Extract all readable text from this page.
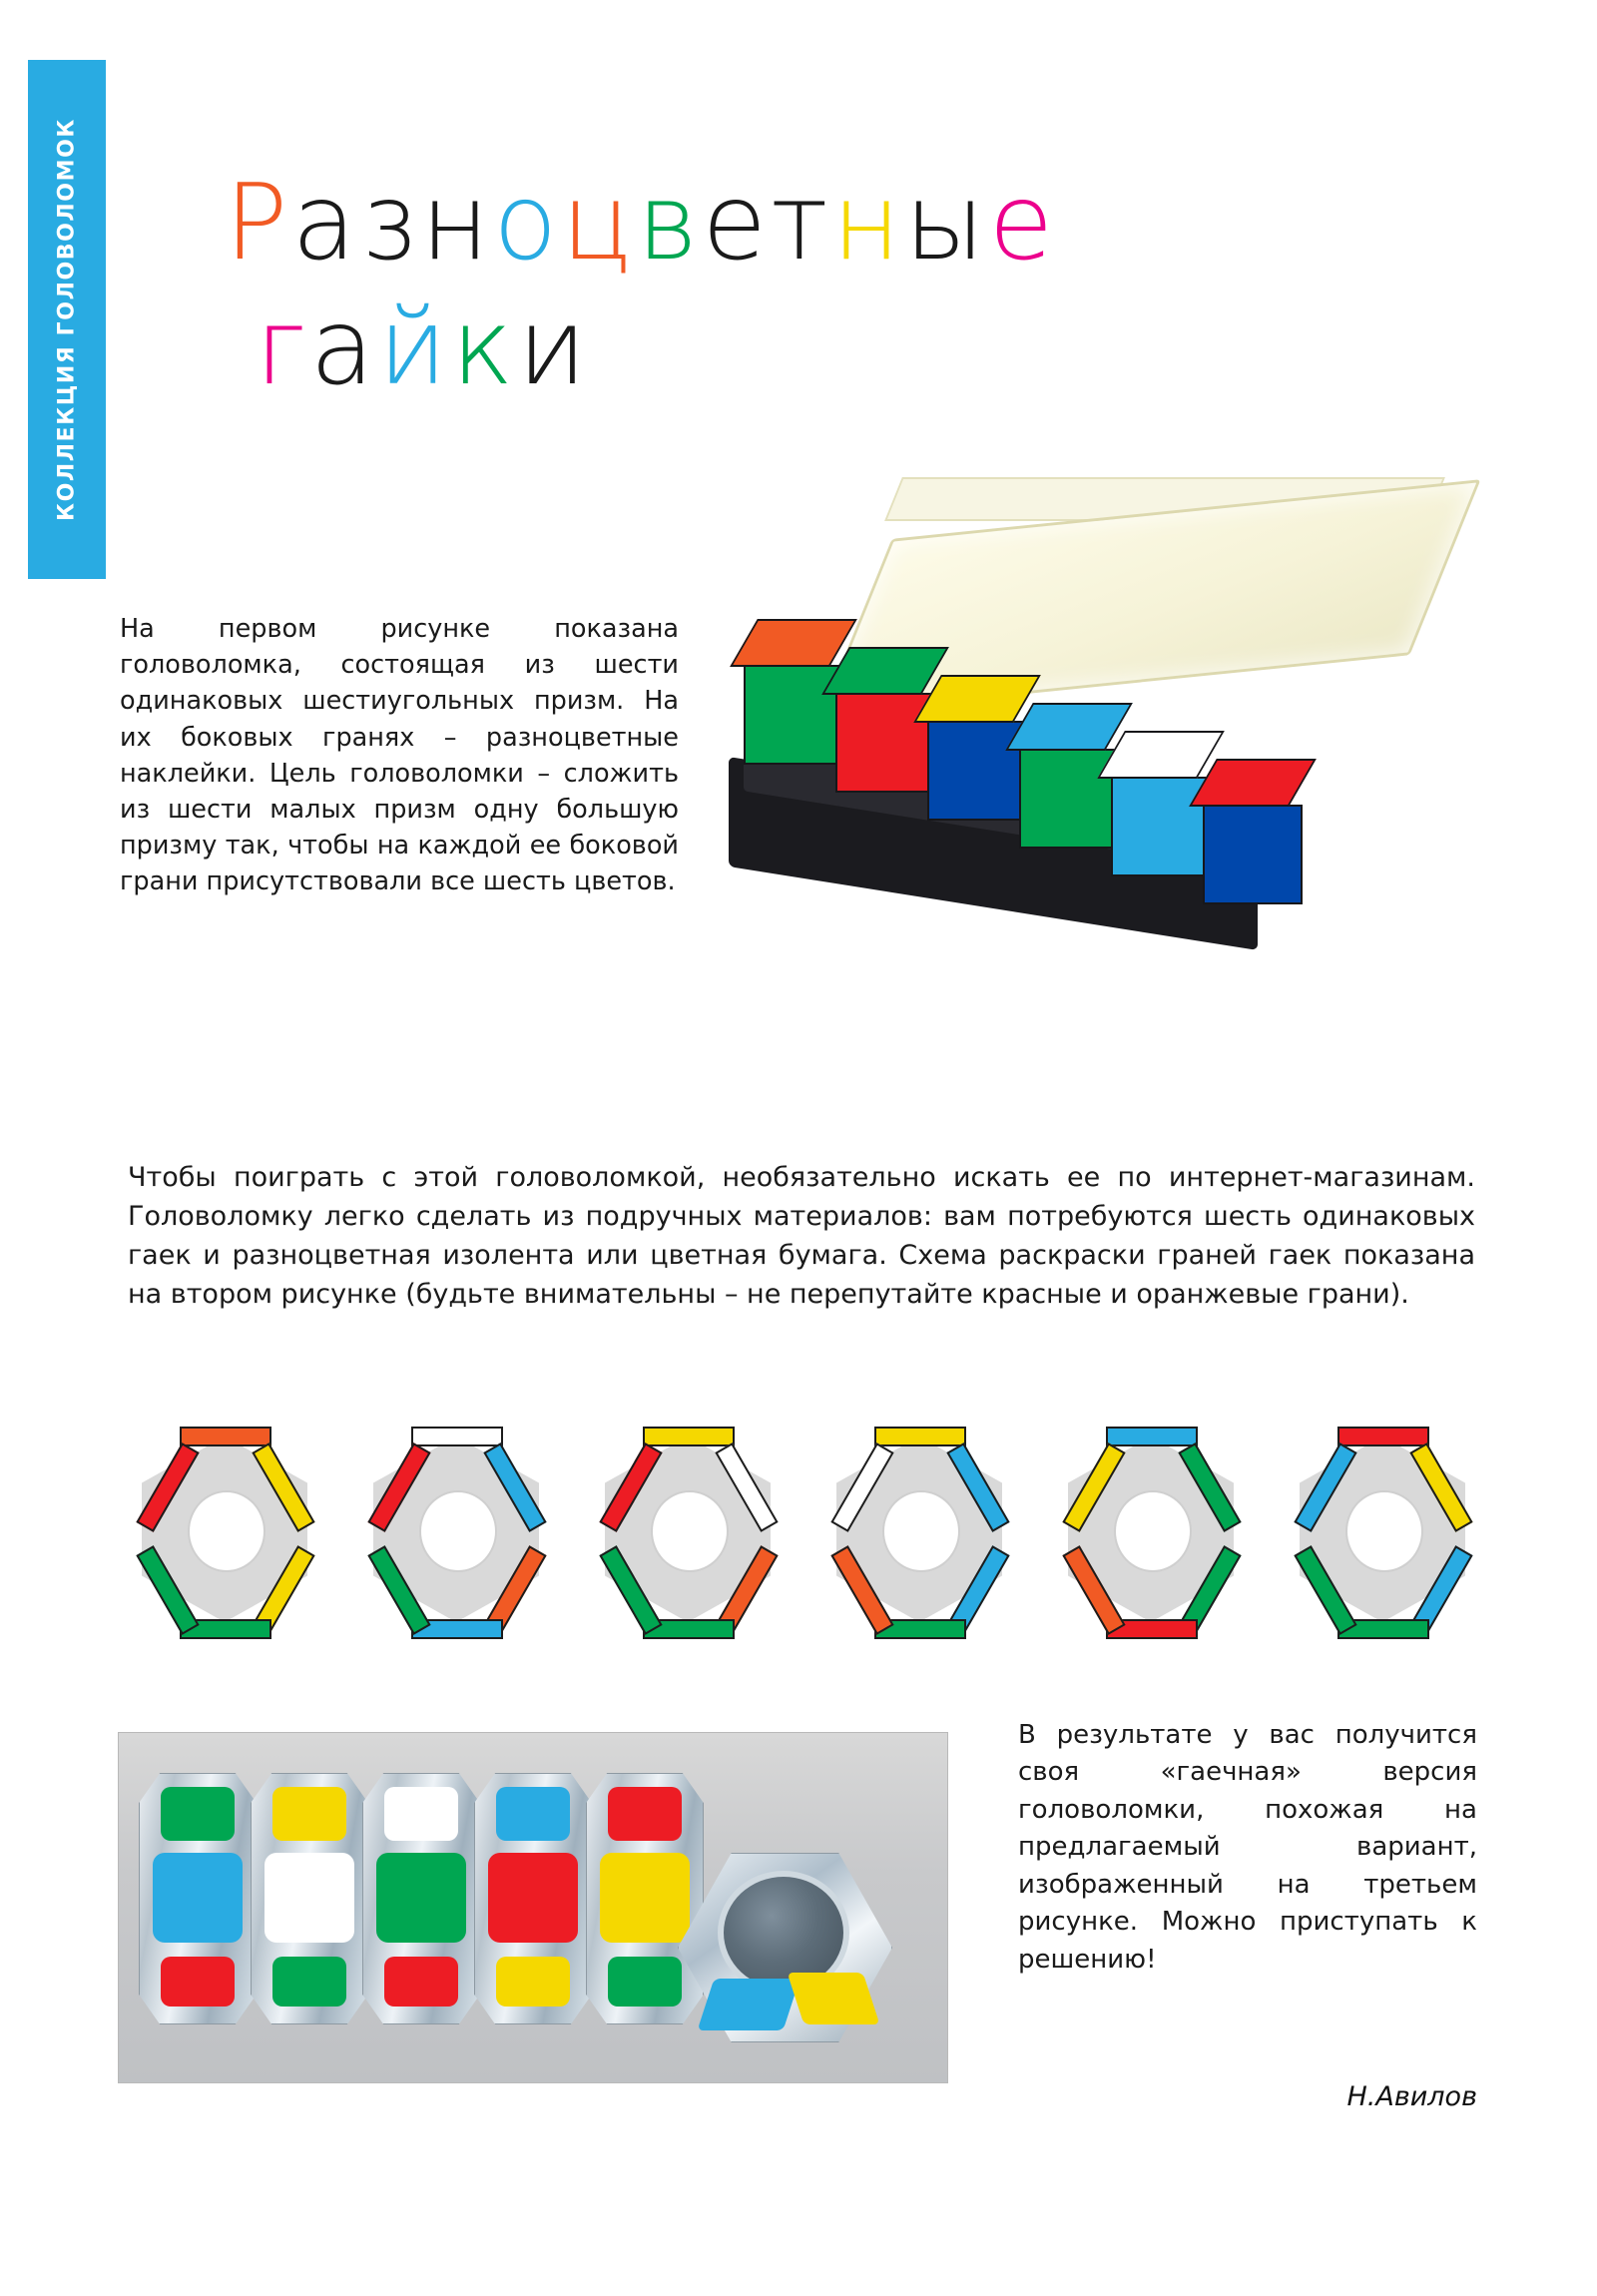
КОЛЛЕКЦИЯ ГОЛОВОЛОМОК Разноцветные
гайки
На первом рисунке показана головоломка, состоящая из шести одинаковых шестиугольных призм. На их боковых гранях – разноцветные наклейки. Цель головоломки – сложить из шести малых призм одну большую призму так, чтобы на каждой ее боковой грани присутствовали все шесть цветов.
Чтобы поиграть с этой головоломкой, необязательно искать ее по интернет-магазинам. Головоломку легко сделать из подручных материалов: вам потребуются шесть одинаковых гаек и разноцветная изолента или цветная бумага. Схема раскраски граней гаек показана на втором рисунке (будьте внимательны – не перепутайте красные и оранжевые грани).
В результате у вас получится своя «гаечная» версия головоломки, похожая на предлагаемый вариант, изображенный на третьем рисунке. Можно приступать к решению!
Н.Авилов
